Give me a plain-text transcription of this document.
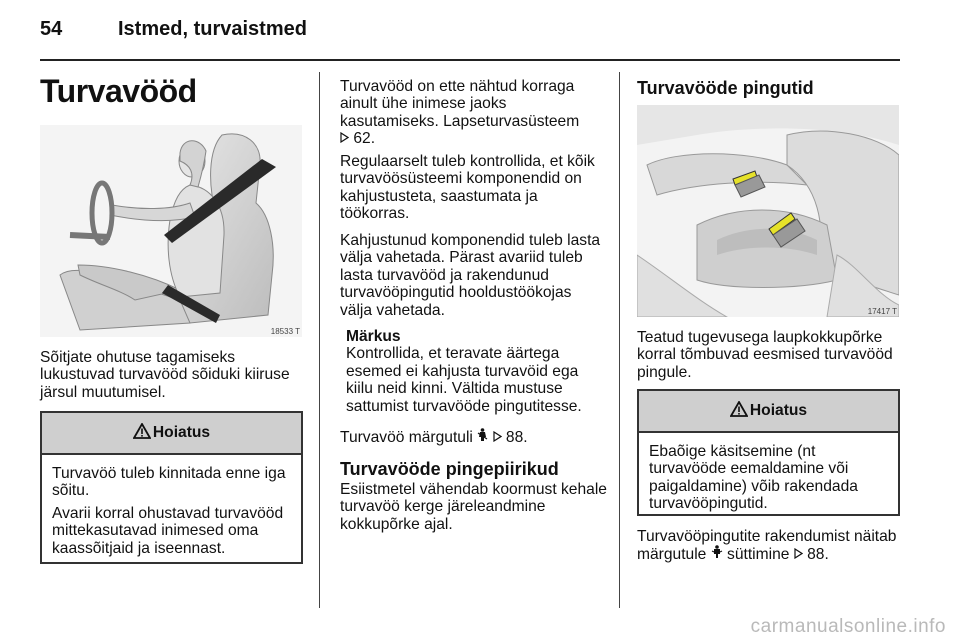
54	Istmed, turvaistmed
Turvavööd
18533 T

Sõitjate ohutuse tagamiseks lukustuvad turvavööd sõiduki kiiruse järsul muutumisel.

Hoiatus

Turvavöö tuleb kinnitada enne iga sõitu.

Avarii korral ohustavad turvavööd mittekasutavad inimesed oma kaassõitjaid ja iseennast.

Turvavööd on ette nähtud korraga ainult ühe inimese jaoks kasutamiseks. Lapseturvasüsteem
62.

Regulaarselt tuleb kontrollida, et kõik turvavöösüsteemi komponendid on kahjustusteta, saastumata ja töökorras.

Kahjustunud komponendid tuleb lasta välja vahetada. Pärast avariid tuleb lasta turvavööd ja rakendunud turvavööpingutid hooldustöökojas välja vahetada.

Märkus
Kontrollida, et teravate äärtega esemed ei kahjusta turvavöid ega kiilu neid kinni. Vältida mustuse sattumist turvavööde pingutitesse.

Turvavöö märgutuli 88.

Turvavööde pingepiirikud

Esiistmetel vähendab koormust kehale turvavöö kerge järeleandmine kokkupõrke ajal.

Turvavööde pingutid
17417 T

Teatud tugevusega laupkokkupõrke korral tõmbuvad eesmised turvavööd pingule.

Hoiatus

Ebaõige käsitsemine (nt turvavööde eemaldamine või paigaldamine) võib rakendada turvavööpingutid.

Turvavööpingutite rakendumist näitab märgutule süttimine 88.

carmanualsonline.info
